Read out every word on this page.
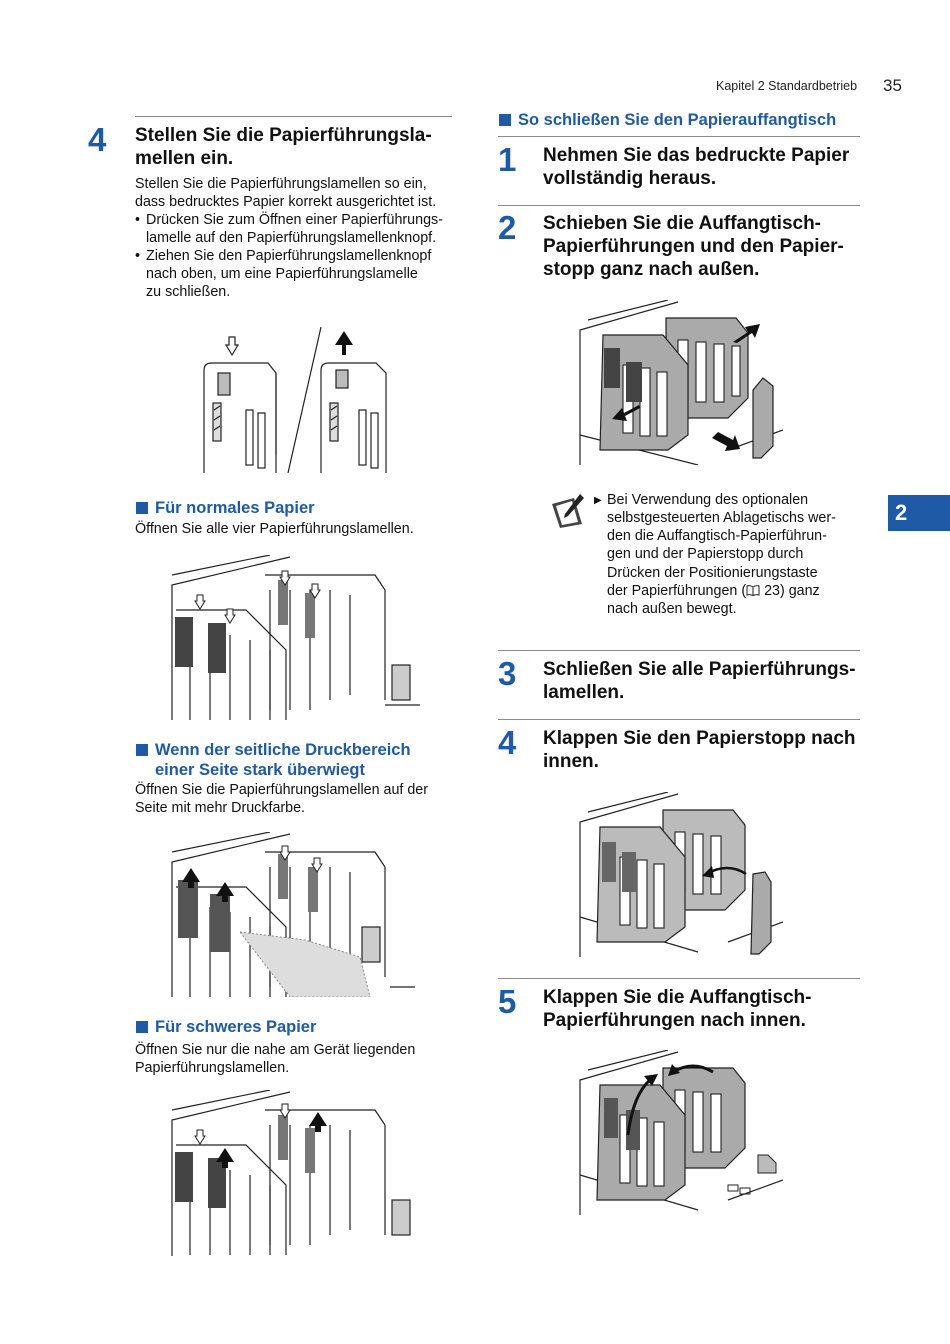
Kapitel 2 Standardbetrieb 35
2
4 Stellen Sie die Papierführungsla-
mellen ein.
Stellen Sie die Papierführungslamellen so ein,
dass bedrucktes Papier korrekt ausgerichtet ist.
• Drücken Sie zum Öffnen einer Papierführungs-
lamelle auf den Papierführungslamellenknopf.
• Ziehen Sie den Papierführungslamellenknopf
nach oben, um eine Papierführungslamelle
zu schließen.
Für normales Papier
Öffnen Sie alle vier Papierführungslamellen.
Wenn der seitliche Druckbereich
einer Seite stark überwiegt
Öffnen Sie die Papierführungslamellen auf der
Seite mit mehr Druckfarbe.
Für schweres Papier
Öffnen Sie nur die nahe am Gerät liegenden
Papierführungslamellen.
So schließen Sie den Papierauffangtisch
1 Nehmen Sie das bedruckte Papier
vollständig heraus.
2 Schieben Sie die Auffangtisch-
Papierführungen und den Papier-
stopp ganz nach außen.
▶ Bei Verwendung des optionalen
selbstgesteuerten Ablagetischs wer-
den die Auffangtisch-Papierführun-
gen und der Papierstopp durch
Drücken der Positionierungstaste
der Papierführungen ( 23) ganz
nach außen bewegt.
3 Schließen Sie alle Papierführungs-
lamellen.
4 Klappen Sie den Papierstopp nach
innen.
5 Klappen Sie die Auffangtisch-
Papierführungen nach innen.
